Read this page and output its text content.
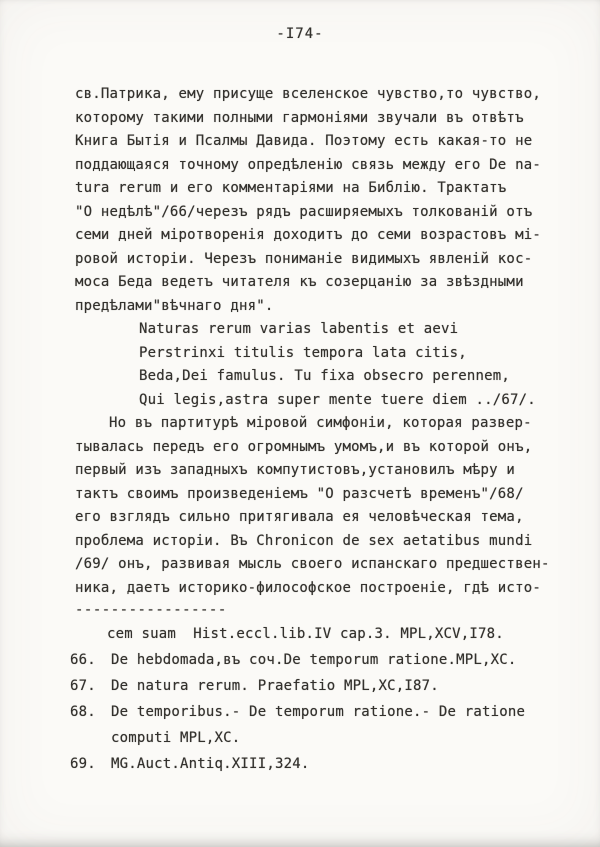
-I74-
св.Патрика, ему присуще вселенское чувство,то чувство,
которому такими полными гармоніями звучали въ отвѣтъ
Книга Бытія и Псалмы Давида. Поэтому есть какая-то не
поддающаяся точному опредѣленію связь между его De na-
tura rerum и его комментаріями на Библію. Трактатъ
"О недѣлѣ"/66/черезъ рядъ расширяемыхъ толкованій отъ
семи дней міротворенія доходитъ до семи возрастовъ мі-
ровой исторіи. Черезъ пониманіе видимыхъ явленій кос-
моса Беда ведетъ читателя къ созерцанію за звѣздными
предѣлами"вѣчнаго дня".
Naturas rerum varias labentis et aevi
Perstrinxi titulis tempora lata citis,
Beda,Dei famulus. Tu fixa obsecro perennem,
Qui legis,astra super mente tuere diem ../67/.
Но въ партитурѣ міровой симфоніи, которая развер-
тывалась передъ его огромнымъ умомъ,и въ которой онъ,
первый изъ западныхъ компутистовъ,установилъ мѣру и
тактъ своимъ произведеніемъ "О разсчетѣ временъ"/68/
его взглядъ сильно притягивала ея человѣческая тема,
проблема исторіи. Въ Chronicon de sex aetatibus mundi
/69/ онъ, развивая мысль своего испанскаго предшествен-
ника, даетъ историко-философское построеніе, гдѣ исто-
-----------------
cem suam  Hist.eccl.lib.IV cap.3. MPL,XCV,I78.
66.	De hebdomada,въ соч.De temporum ratione.MPL,XC.
67.	De natura rerum. Praefatio MPL,XC,I87.
68.	De temporibus.- De temporum ratione.- De ratione
computi MPL,XC.
69.	MG.Auct.Antiq.XIII,324.
